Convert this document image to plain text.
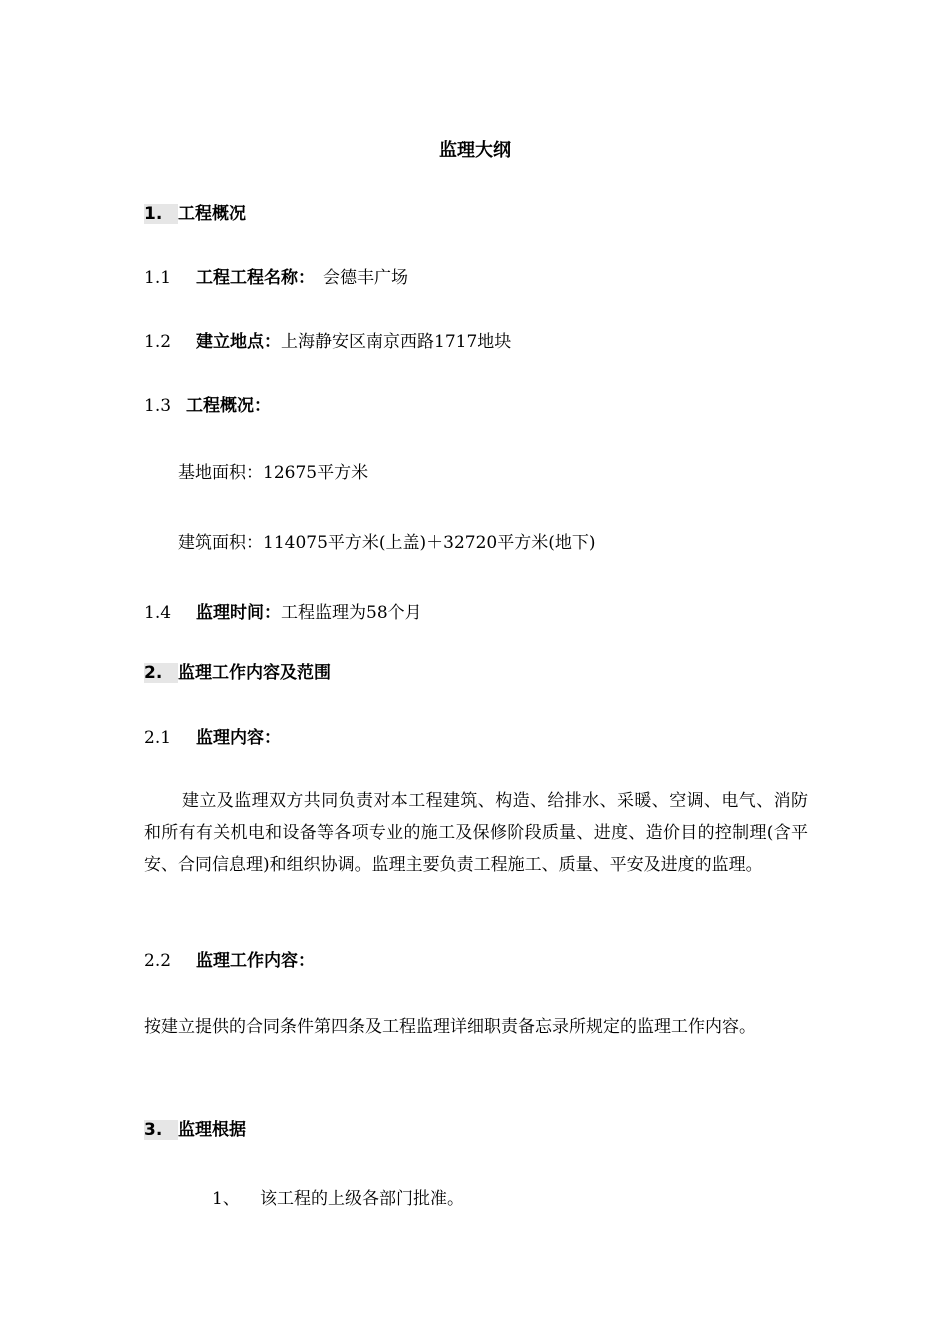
监理大纲
1. 工程概况
1.1 工程工程名称： 会德丰广场
1.2 建立地点：上海静安区南京西路1717地块
1.3 工程概况：
基地面积：12675平方米
建筑面积：114075平方米(上盖)＋32720平方米(地下)
1.4 监理时间：工程监理为58个月
2. 监理工作内容及范围
2.1 监理内容：
建立及监理双方共同负责对本工程建筑、构造、给排水、采暖、空调、电气、消防和所有有关机电和设备等各项专业的施工及保修阶段质量、进度、造价目的控制理(含平安、合同信息理)和组织协调。监理主要负责工程施工、质量、平安及进度的监理。
2.2 监理工作内容：
按建立提供的合同条件第四条及工程监理详细职责备忘录所规定的监理工作内容。
3. 监理根据
1、 该工程的上级各部门批准。
